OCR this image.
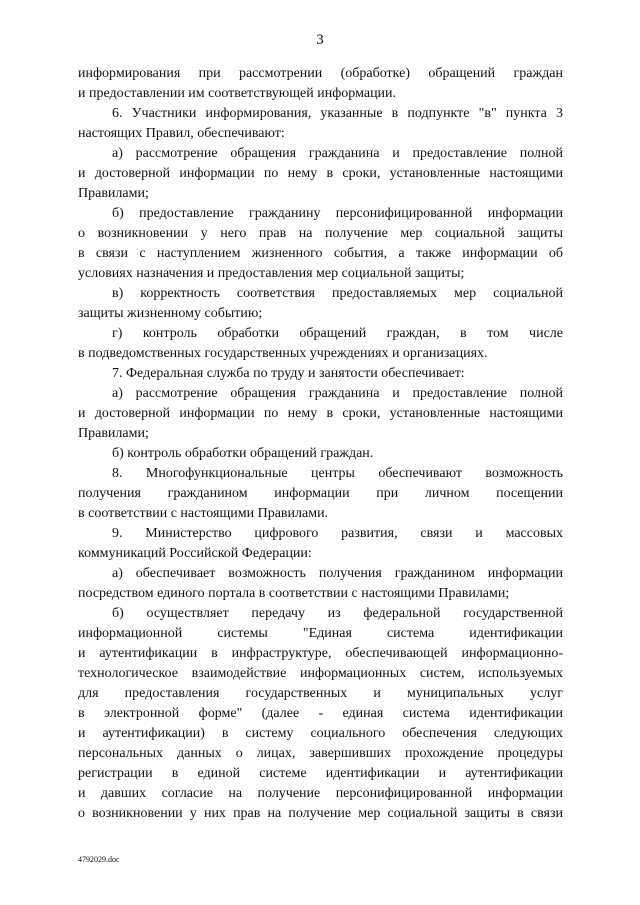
3
информирования при рассмотрении (обработке) обращений граждан
и предоставлении им соответствующей информации.
6. Участники информирования, указанные в подпункте "в" пункта 3
настоящих Правил, обеспечивают:
а) рассмотрение обращения гражданина и предоставление полной
и достоверной информации по нему в сроки, установленные настоящими
Правилами;
б) предоставление гражданину персонифицированной информации
о возникновении у него прав на получение мер социальной защиты
в связи с наступлением жизненного события, а также информации об
условиях назначения и предоставления мер социальной защиты;
в) корректность соответствия предоставляемых мер социальной
защиты жизненному событию;
г) контроль обработки обращений граждан, в том числе
в подведомственных государственных учреждениях и организациях.
7. Федеральная служба по труду и занятости обеспечивает:
а) рассмотрение обращения гражданина и предоставление полной
и достоверной информации по нему в сроки, установленные настоящими
Правилами;
б) контроль обработки обращений граждан.
8. Многофункциональные центры обеспечивают возможность
получения гражданином информации при личном посещении
в соответствии с настоящими Правилами.
9. Министерство цифрового развития, связи и массовых
коммуникаций Российской Федерации:
а) обеспечивает возможность получения гражданином информации
посредством единого портала в соответствии с настоящими Правилами;
б) осуществляет передачу из федеральной государственной
информационной системы "Единая система идентификации
и аутентификации в инфраструктуре, обеспечивающей информационно-
технологическое взаимодействие информационных систем, используемых
для предоставления государственных и муниципальных услуг
в электронной форме" (далее - единая система идентификации
и аутентификации) в систему социального обеспечения следующих
персональных данных о лицах, завершивших прохождение процедуры
регистрации в единой системе идентификации и аутентификации
и давших согласие на получение персонифицированной информации
о возникновении у них прав на получение мер социальной защиты в связи
4792029.doc
